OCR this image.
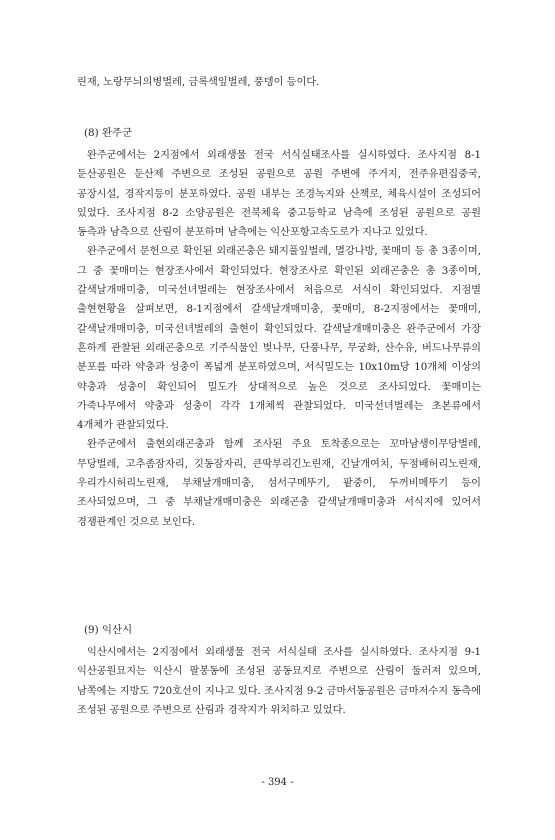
린재, 노랑무늬의병벌레, 금록색잎벌레, 풍뎅이 등이다.

(8) 완주군

완주군에서는 2지점에서 외래생물 전국 서식실태조사를 실시하였다. 조사지점 8-1 둔산공원은 둔산제 주변으로 조성된 공원으로 공원 주변에 주거지, 전주유편집중국, 공장시설, 경작지등이 분포하였다. 공원 내부는 조경녹지와 산책로, 체육시설이 조성되어 있었다. 조사지점 8-2 소양공원은 전북체육 중고등학교 남측에 조성된 공원으로 공원 동측과 남측으로 산림이 분포하며 남측에는 익산포항고속도로가 지나고 있었다.

완주군에서 문헌으로 확인된 외래곤충은 돼지풀잎벌레, 멸강나방, 꽃매미 등 총 3종이며, 그 중 꽃매미는 현장조사에서 확인되었다. 현장조사로 확인된 외래곤충은 총 3종이며, 갈색날개매미충, 미국선녀벌레는 현장조사에서 처음으로 서식이 확인되었다. 지점별 출현현황을 살펴보면, 8-1지점에서 갈색날개매미충, 꽃매미, 8-2지점에서는 꽃매미, 갈색날개매미충, 미국선녀벌레의 출현이 확인되었다. 갈색날개매미충은 완주군에서 가장 흔하게 관찰된 외래곤충으로 기주식물인 벚나무, 단풍나무, 무궁화, 산수유, 버드나무류의 분포를 따라 약충과 성충이 폭넓게 분포하였으며, 서식밀도는 10x10m당 10개체 이상의 약충과 성충이 확인되어 밀도가 상대적으로 높은 것으로 조사되었다. 꽃매미는 가죽나무에서 약충과 성충이 각각 1개체씩 관찰되었다. 미국선녀벌레는 초본류에서 4개체가 관찰되었다.

완주군에서 출현외래곤충과 함께 조사된 주요 토착종으로는 꼬마남생이무당벌레, 무당벌레, 고추좀잠자리, 깃동잠자리, 큰딱부리긴노린재, 긴날개여치, 두점배허리노린재, 우리가시허리노린재, 부채날개매미충, 섬서구메뚜기, 팥중이, 두꺼비메뚜기 등이 조사되었으며, 그 중 부채날개매미충은 외래곤충 갈색날개매미충과 서식지에 있어서 경쟁관계인 것으로 보인다.

(9) 익산시

익산시에서는 2지점에서 외래생물 전국 서식실태 조사를 실시하였다. 조사지점 9-1 익산공원묘지는 익산시 팔봉동에 조성된 공동묘지로 주변으로 산림이 둘러져 있으며, 남쪽에는 지방도 720호선이 지나고 있다. 조사지점 9-2 금마서동공원은 금마저수지 동측에 조성된 공원으로 주변으로 산림과 경작지가 위치하고 있었다.

- 394 -
